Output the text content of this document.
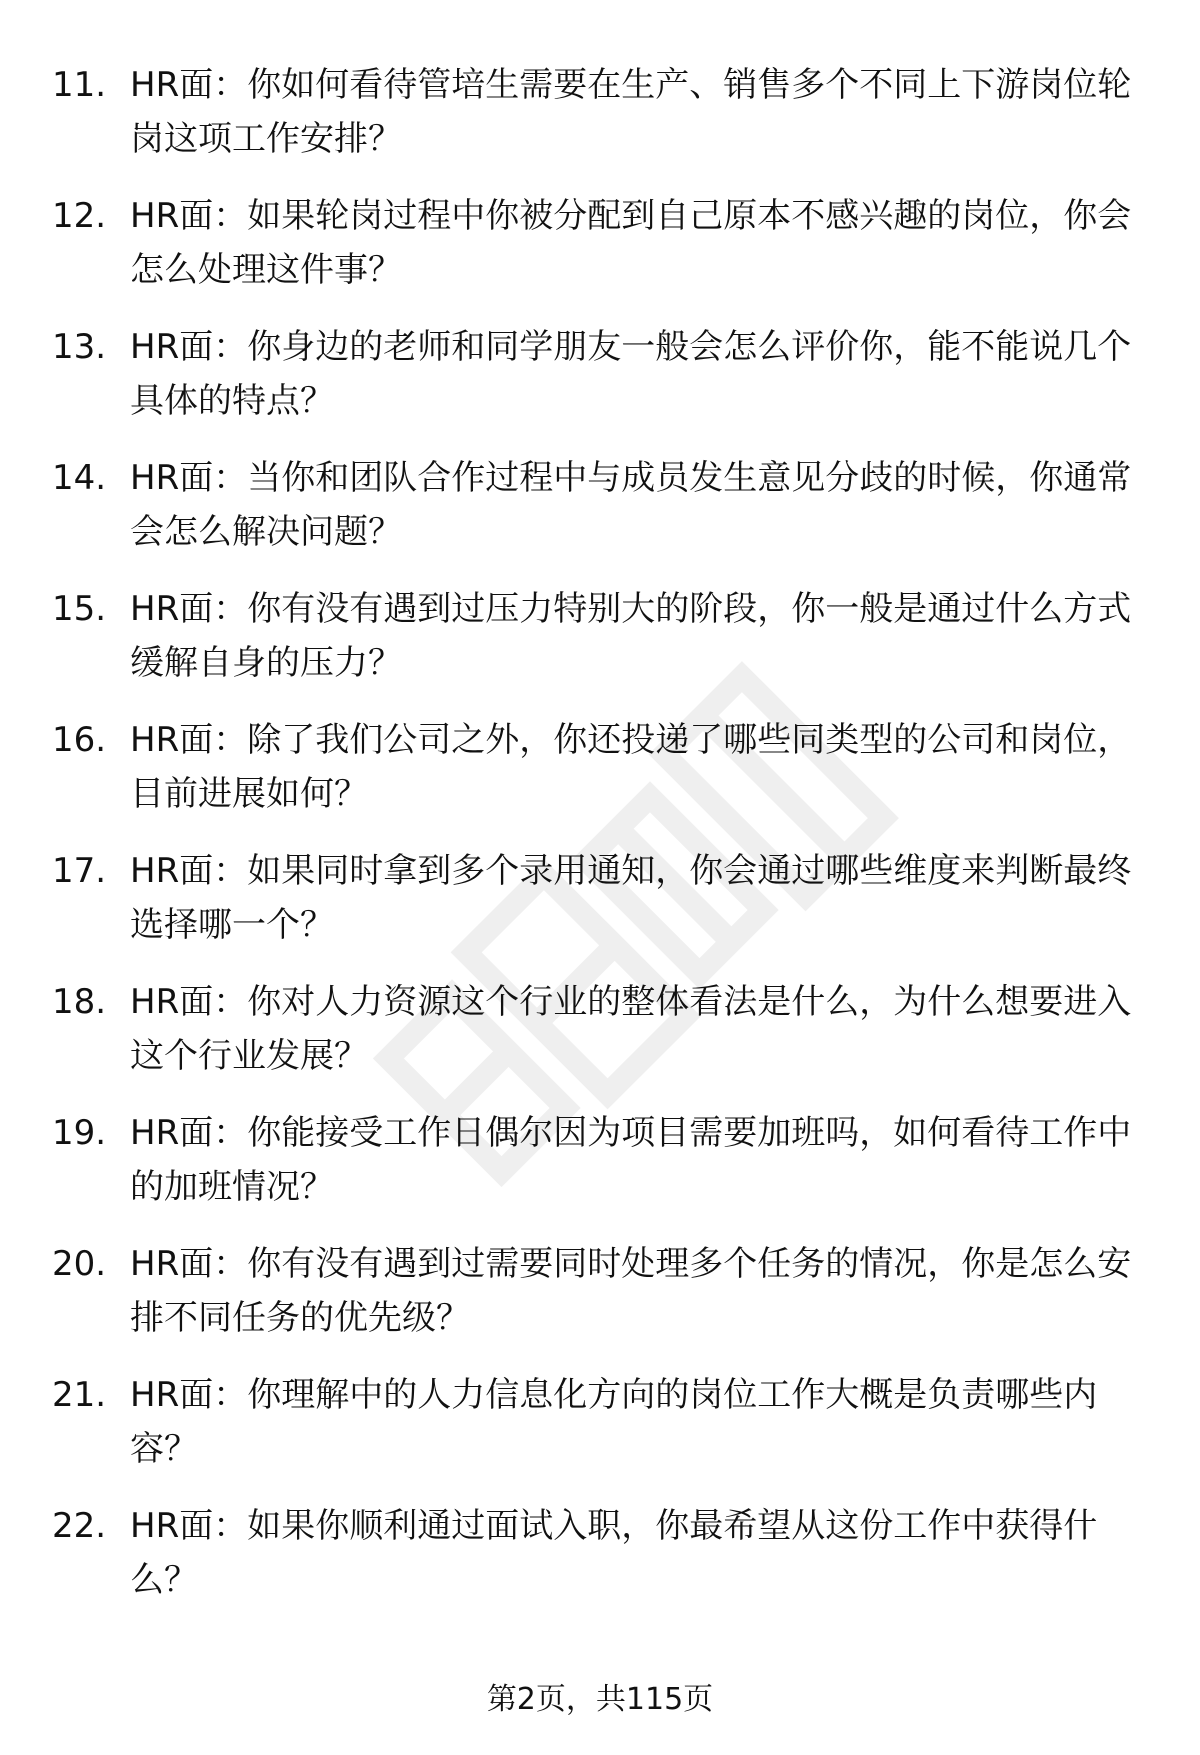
11. HR面：你如何看待管培生需要在生产、销售多个不同上下游岗位轮岗这项工作安排？
12. HR面：如果轮岗过程中你被分配到自己原本不感兴趣的岗位，你会怎么处理这件事？
13. HR面：你身边的老师和同学朋友一般会怎么评价你，能不能说几个具体的特点？
14. HR面：当你和团队合作过程中与成员发生意见分歧的时候，你通常会怎么解决问题？
15. HR面：你有没有遇到过压力特别大的阶段，你一般是通过什么方式缓解自身的压力？
16. HR面：除了我们公司之外，你还投递了哪些同类型的公司和岗位，目前进展如何？
17. HR面：如果同时拿到多个录用通知，你会通过哪些维度来判断最终选择哪一个？
18. HR面：你对人力资源这个行业的整体看法是什么，为什么想要进入这个行业发展？
19. HR面：你能接受工作日偶尔因为项目需要加班吗，如何看待工作中的加班情况？
20. HR面：你有没有遇到过需要同时处理多个任务的情况，你是怎么安排不同任务的优先级？
21. HR面：你理解中的人力信息化方向的岗位工作大概是负责哪些内容？
22. HR面：如果你顺利通过面试入职，你最希望从这份工作中获得什么？
第2页，共115页
